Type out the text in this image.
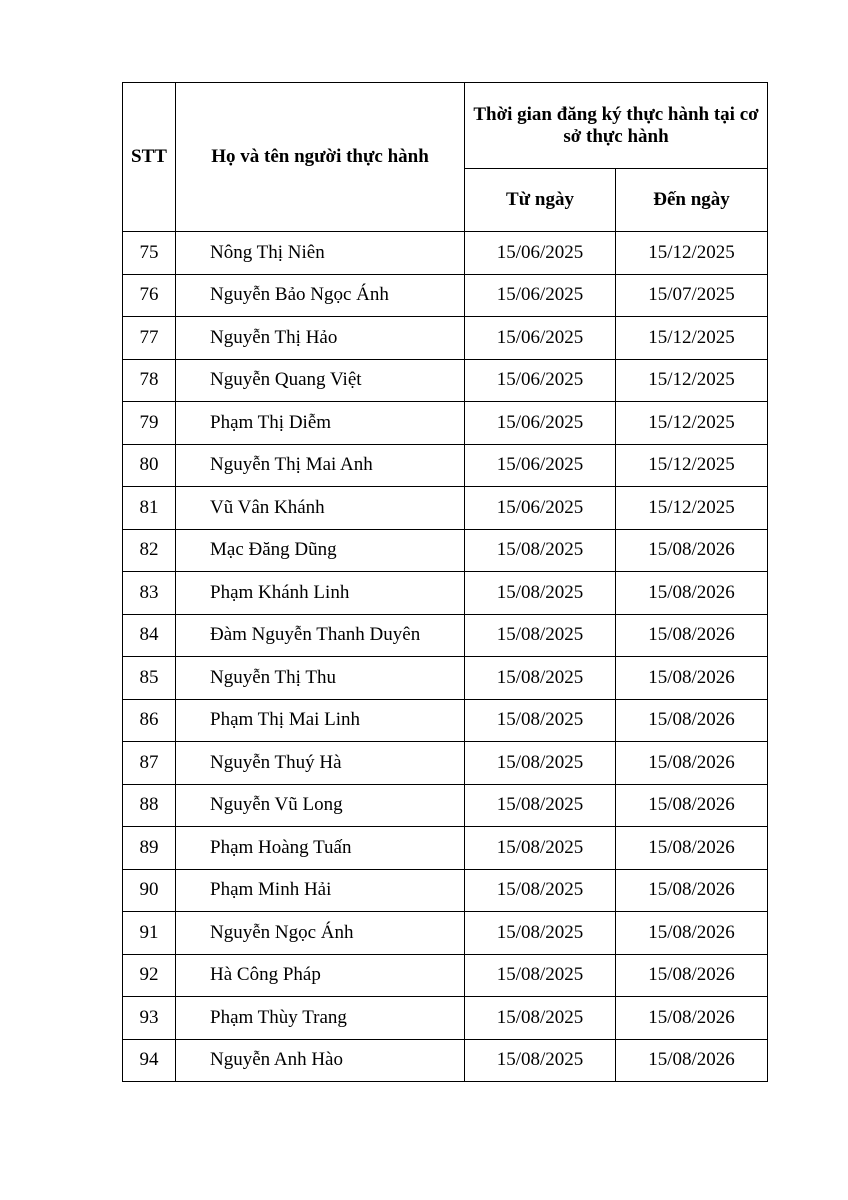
STT	Họ và tên người thực hành	Thời gian đăng ký thực hành tại cơ sở thực hành	
		Từ ngày	Đến ngày
75	Nông Thị Niên	15/06/2025	15/12/2025
76	Nguyễn Bảo Ngọc Ánh	15/06/2025	15/07/2025
77	Nguyễn Thị Hảo	15/06/2025	15/12/2025
78	Nguyễn Quang Việt	15/06/2025	15/12/2025
79	Phạm Thị Diễm	15/06/2025	15/12/2025
80	Nguyễn Thị Mai Anh	15/06/2025	15/12/2025
81	Vũ Vân Khánh	15/06/2025	15/12/2025
82	Mạc Đăng Dũng	15/08/2025	15/08/2026
83	Phạm Khánh Linh	15/08/2025	15/08/2026
84	Đàm Nguyễn Thanh Duyên	15/08/2025	15/08/2026
85	Nguyễn Thị Thu	15/08/2025	15/08/2026
86	Phạm Thị Mai Linh	15/08/2025	15/08/2026
87	Nguyễn Thuý Hà	15/08/2025	15/08/2026
88	Nguyễn Vũ Long	15/08/2025	15/08/2026
89	Phạm Hoàng Tuấn	15/08/2025	15/08/2026
90	Phạm Minh Hải	15/08/2025	15/08/2026
91	Nguyễn Ngọc Ánh	15/08/2025	15/08/2026
92	Hà Công Pháp	15/08/2025	15/08/2026
93	Phạm Thùy Trang	15/08/2025	15/08/2026
94	Nguyễn Anh Hào	15/08/2025	15/08/2026
